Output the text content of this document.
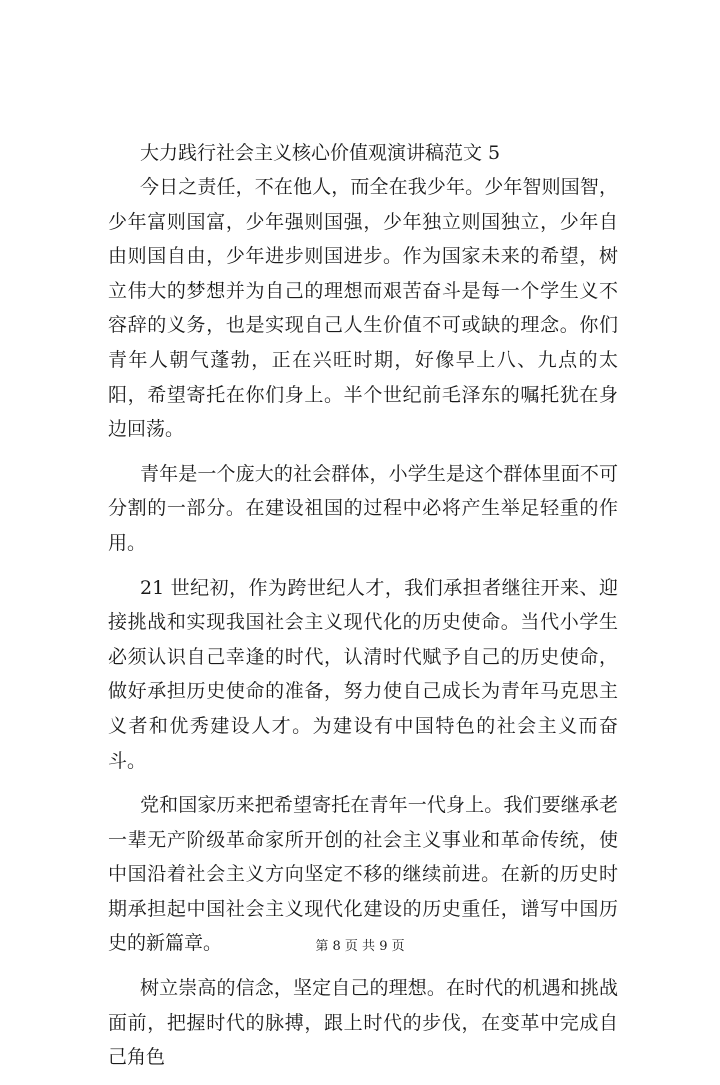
大力践行社会主义核心价值观演讲稿范文 5

今日之责任，不在他人，而全在我少年。少年智则国智，少年富则国富，少年强则国强，少年独立则国独立，少年自由则国自由，少年进步则国进步。作为国家未来的希望，树立伟大的梦想并为自己的理想而艰苦奋斗是每一个学生义不容辞的义务，也是实现自己人生价值不可或缺的理念。你们青年人朝气蓬勃，正在兴旺时期，好像早上八、九点的太阳，希望寄托在你们身上。半个世纪前毛泽东的嘱托犹在身边回荡。

青年是一个庞大的社会群体，小学生是这个群体里面不可分割的一部分。在建设祖国的过程中必将产生举足轻重的作用。

21 世纪初，作为跨世纪人才，我们承担者继往开来、迎接挑战和实现我国社会主义现代化的历史使命。当代小学生必须认识自己幸逢的时代，认清时代赋予自己的历史使命，做好承担历史使命的准备，努力使自己成长为青年马克思主义者和优秀建设人才。为建设有中国特色的社会主义而奋斗。

党和国家历来把希望寄托在青年一代身上。我们要继承老一辈无产阶级革命家所开创的社会主义事业和革命传统，使中国沿着社会主义方向坚定不移的继续前进。在新的历史时期承担起中国社会主义现代化建设的历史重任，谱写中国历史的新篇章。

树立崇高的信念，坚定自己的理想。在时代的机遇和挑战面前，把握时代的脉搏，跟上时代的步伐，在变革中完成自己角色

第 8 页 共 9 页
